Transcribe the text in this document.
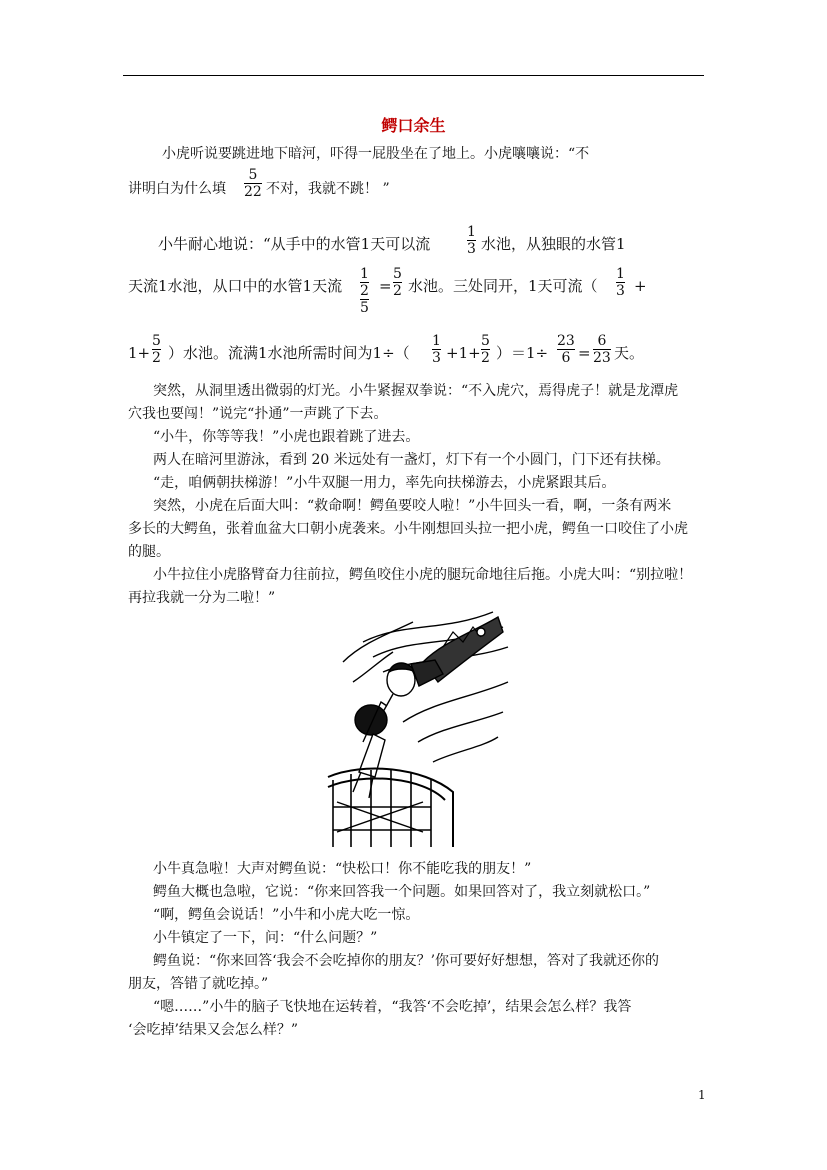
鳄口余生
小虎听说要跳进地下暗河，吓得一屁股坐在了地上。小虎嚷嚷说：“不
讲明白为什么填 $\frac{5}{22}$ 不对，我就不跳！ ”
小牛耐心地说：“从手中的水管1天可以流	$\frac{1}{3}$ 水池，从独眼的水管1
天流1水池，从口中的水管1天流 1
2
$5 = \frac{5}{2}$ 水池。三处同开，1天可流（ $\frac{1}{3}$ +
$1+ \frac{5}{2}$ ）水池。流满1水池所需时间为$1\div( \frac{1}{3} +1+ \frac{5}{2} )=1\div \frac{23}{6} = \frac{6}{23}$ 天。
突然，从洞里透出微弱的灯光。小牛紧握双拳说：“不入虎穴，焉得虎子！就是龙潭虎
穴我也要闯！”说完“扑通”一声跳了下去。
“小牛，你等等我！”小虎也跟着跳了进去。
两人在暗河里游泳，看到 20 米远处有一盏灯，灯下有一个小圆门，门下还有扶梯。
“走，咱俩朝扶梯游！”小牛双腿一用力，率先向扶梯游去，小虎紧跟其后。
突然，小虎在后面大叫：“救命啊！鳄鱼要咬人啦！”小牛回头一看，啊，一条有两米
多长的大鳄鱼，张着血盆大口朝小虎袭来。小牛刚想回头拉一把小虎，鳄鱼一口咬住了小虎
的腿。
小牛拉住小虎胳臂奋力往前拉，鳄鱼咬住小虎的腿玩命地往后拖。小虎大叫：“别拉啦！
再拉我就一分为二啦！”
小牛真急啦！大声对鳄鱼说：“快松口！你不能吃我的朋友！”
鳄鱼大概也急啦，它说：“你来回答我一个问题。如果回答对了，我立刻就松口。”
“啊，鳄鱼会说话！”小牛和小虎大吃一惊。
小牛镇定了一下，问：“什么问题？”
鳄鱼说：“你来回答‘我会不会吃掉你的朋友？’你可要好好想想，答对了我就还你的
朋友，答错了就吃掉。”
“嗯……”小牛的脑子飞快地在运转着，“我答‘不会吃掉’，结果会怎么样？我答
‘会吃掉’结果又会怎么样？”
1
